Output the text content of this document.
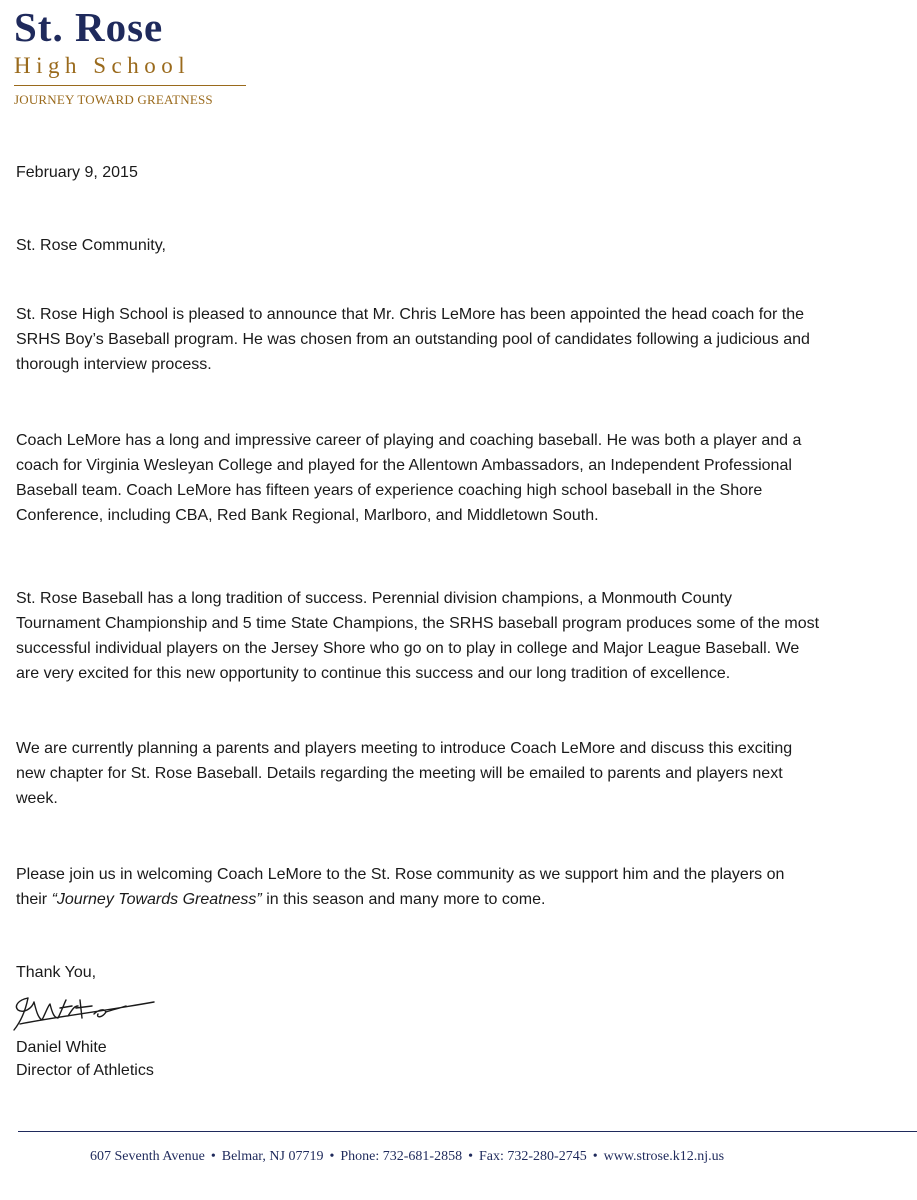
St. Rose
High School
JOURNEY TOWARD GREATNESS
February 9, 2015
St. Rose Community,

St. Rose High School is pleased to announce that Mr. Chris LeMore has been appointed the head coach for the

SRHS Boy’s Baseball program. He was chosen from an outstanding pool of candidates following a judicious and

thorough interview process.

Coach LeMore has a long and impressive career of playing and coaching baseball. He was both a player and a

coach for Virginia Wesleyan College and played for the Allentown Ambassadors, an Independent Professional

Baseball team. Coach LeMore has fifteen years of experience coaching high school baseball in the Shore

Conference, including CBA, Red Bank Regional, Marlboro, and Middletown South.

St. Rose Baseball has a long tradition of success. Perennial division champions, a Monmouth County

Tournament Championship and 5 time State Champions, the SRHS baseball program produces some of the most

successful individual players on the Jersey Shore who go on to play in college and Major League Baseball. We

are very excited for this new opportunity to continue this success and our long tradition of excellence.

We are currently planning a parents and players meeting to introduce Coach LeMore and discuss this exciting

new chapter for St. Rose Baseball. Details regarding the meeting will be emailed to parents and players next

week.

Please join us in welcoming Coach LeMore to the St. Rose community as we support him and the players on

their “Journey Towards Greatness” in this season and many more to come.

Thank You,

Daniel White

Director of Athletics

607 Seventh Avenue • Belmar, NJ 07719 • Phone: 732-681-2858 • Fax: 732-280-2745 • www.strose.k12.nj.us
